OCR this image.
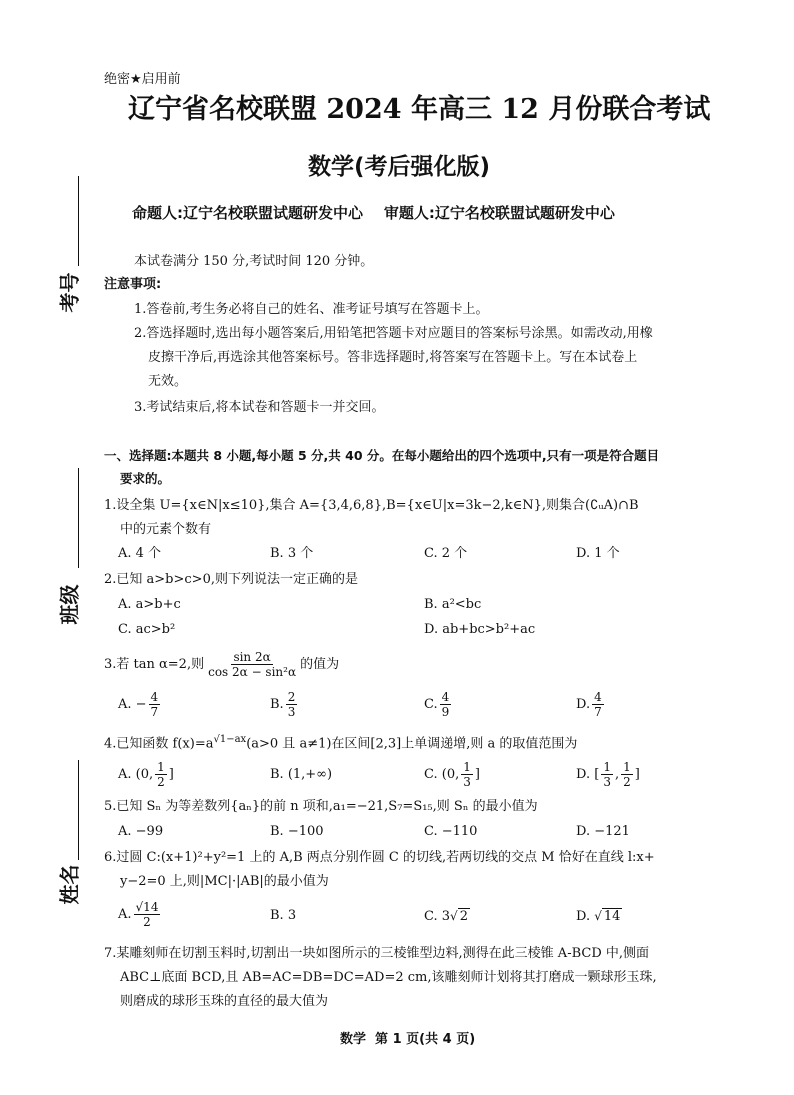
绝密★启用前
辽宁省名校联盟 2024 年高三 12 月份联合考试
数学(考后强化版)
命题人:辽宁名校联盟试题研发中心    审题人:辽宁名校联盟试题研发中心
考号
班级
姓名
本试卷满分 150 分,考试时间 120 分钟。
注意事项:
1.答卷前,考生务必将自己的姓名、准考证号填写在答题卡上。
2.答选择题时,选出每小题答案后,用铅笔把答题卡对应题目的答案标号涂黑。如需改动,用橡
皮擦干净后,再选涂其他答案标号。答非选择题时,将答案写在答题卡上。写在本试卷上
无效。
3.考试结束后,将本试卷和答题卡一并交回。
一、选择题:本题共 8 小题,每小题 5 分,共 40 分。在每小题给出的四个选项中,只有一项是符合题目
要求的。
1.设全集 U={x∈N|x≤10},集合 A={3,4,6,8},B={x∈U|x=3k−2,k∈N},则集合(∁ᵤA)∩B
中的元素个数有
A. 4 个	B. 3 个	C. 2 个	D. 1 个
2.已知 a>b>c>0,则下列说法一定正确的是
A. a>b+c	B. a²<bc
C. ac>b²	D. ab+bc>b²+ac
3.若 tan α=2,则 $\frac{\sin 2\alpha}{\text{cos 2α − sin²α}}$ 的值为
A. − $\frac{4}{7}$	B. $\frac{2}{3}$	C. $\frac{4}{9}$	D. $\frac{4}{7}$
4.已知函数 $f(x)=a^{√1-ax}(a>0$ 且 a≠1)在区间[2,3]上单调递增,则 a 的取值范围为
A. (0, $\frac{1}{2}$ ]	B. (1,+∞)	C. (0, $\frac{1}{3}$ ]	D. [ $\frac{1}{3}$ , $\frac{1}{2}$ ]
5.已知 Sₙ 为等差数列{aₙ}的前 n 项和,a₁=−21,S₇=S₁₅,则 Sₙ 的最小值为
A. −99	B. −100	C. −110	D. −121
6.过圆 C:(x+1)²+y²=1 上的 A,B 两点分别作圆 C 的切线,若两切线的交点 M 恰好在直线 l:x+
y−2=0 上,则|MC|·|AB|的最小值为
A. $\frac{√14}{2}$	B. 3	C. 3√ 2	D. √ 14
7.某雕刻师在切割玉料时,切割出一块如图所示的三棱锥型边料,测得在此三棱锥 A-BCD 中,侧面
ABC⊥底面 BCD,且 AB=AC=DB=DC=AD=2 cm,该雕刻师计划将其打磨成一颗球形玉珠,
则磨成的球形玉珠的直径的最大值为
数学  第 1 页(共 4 页)
